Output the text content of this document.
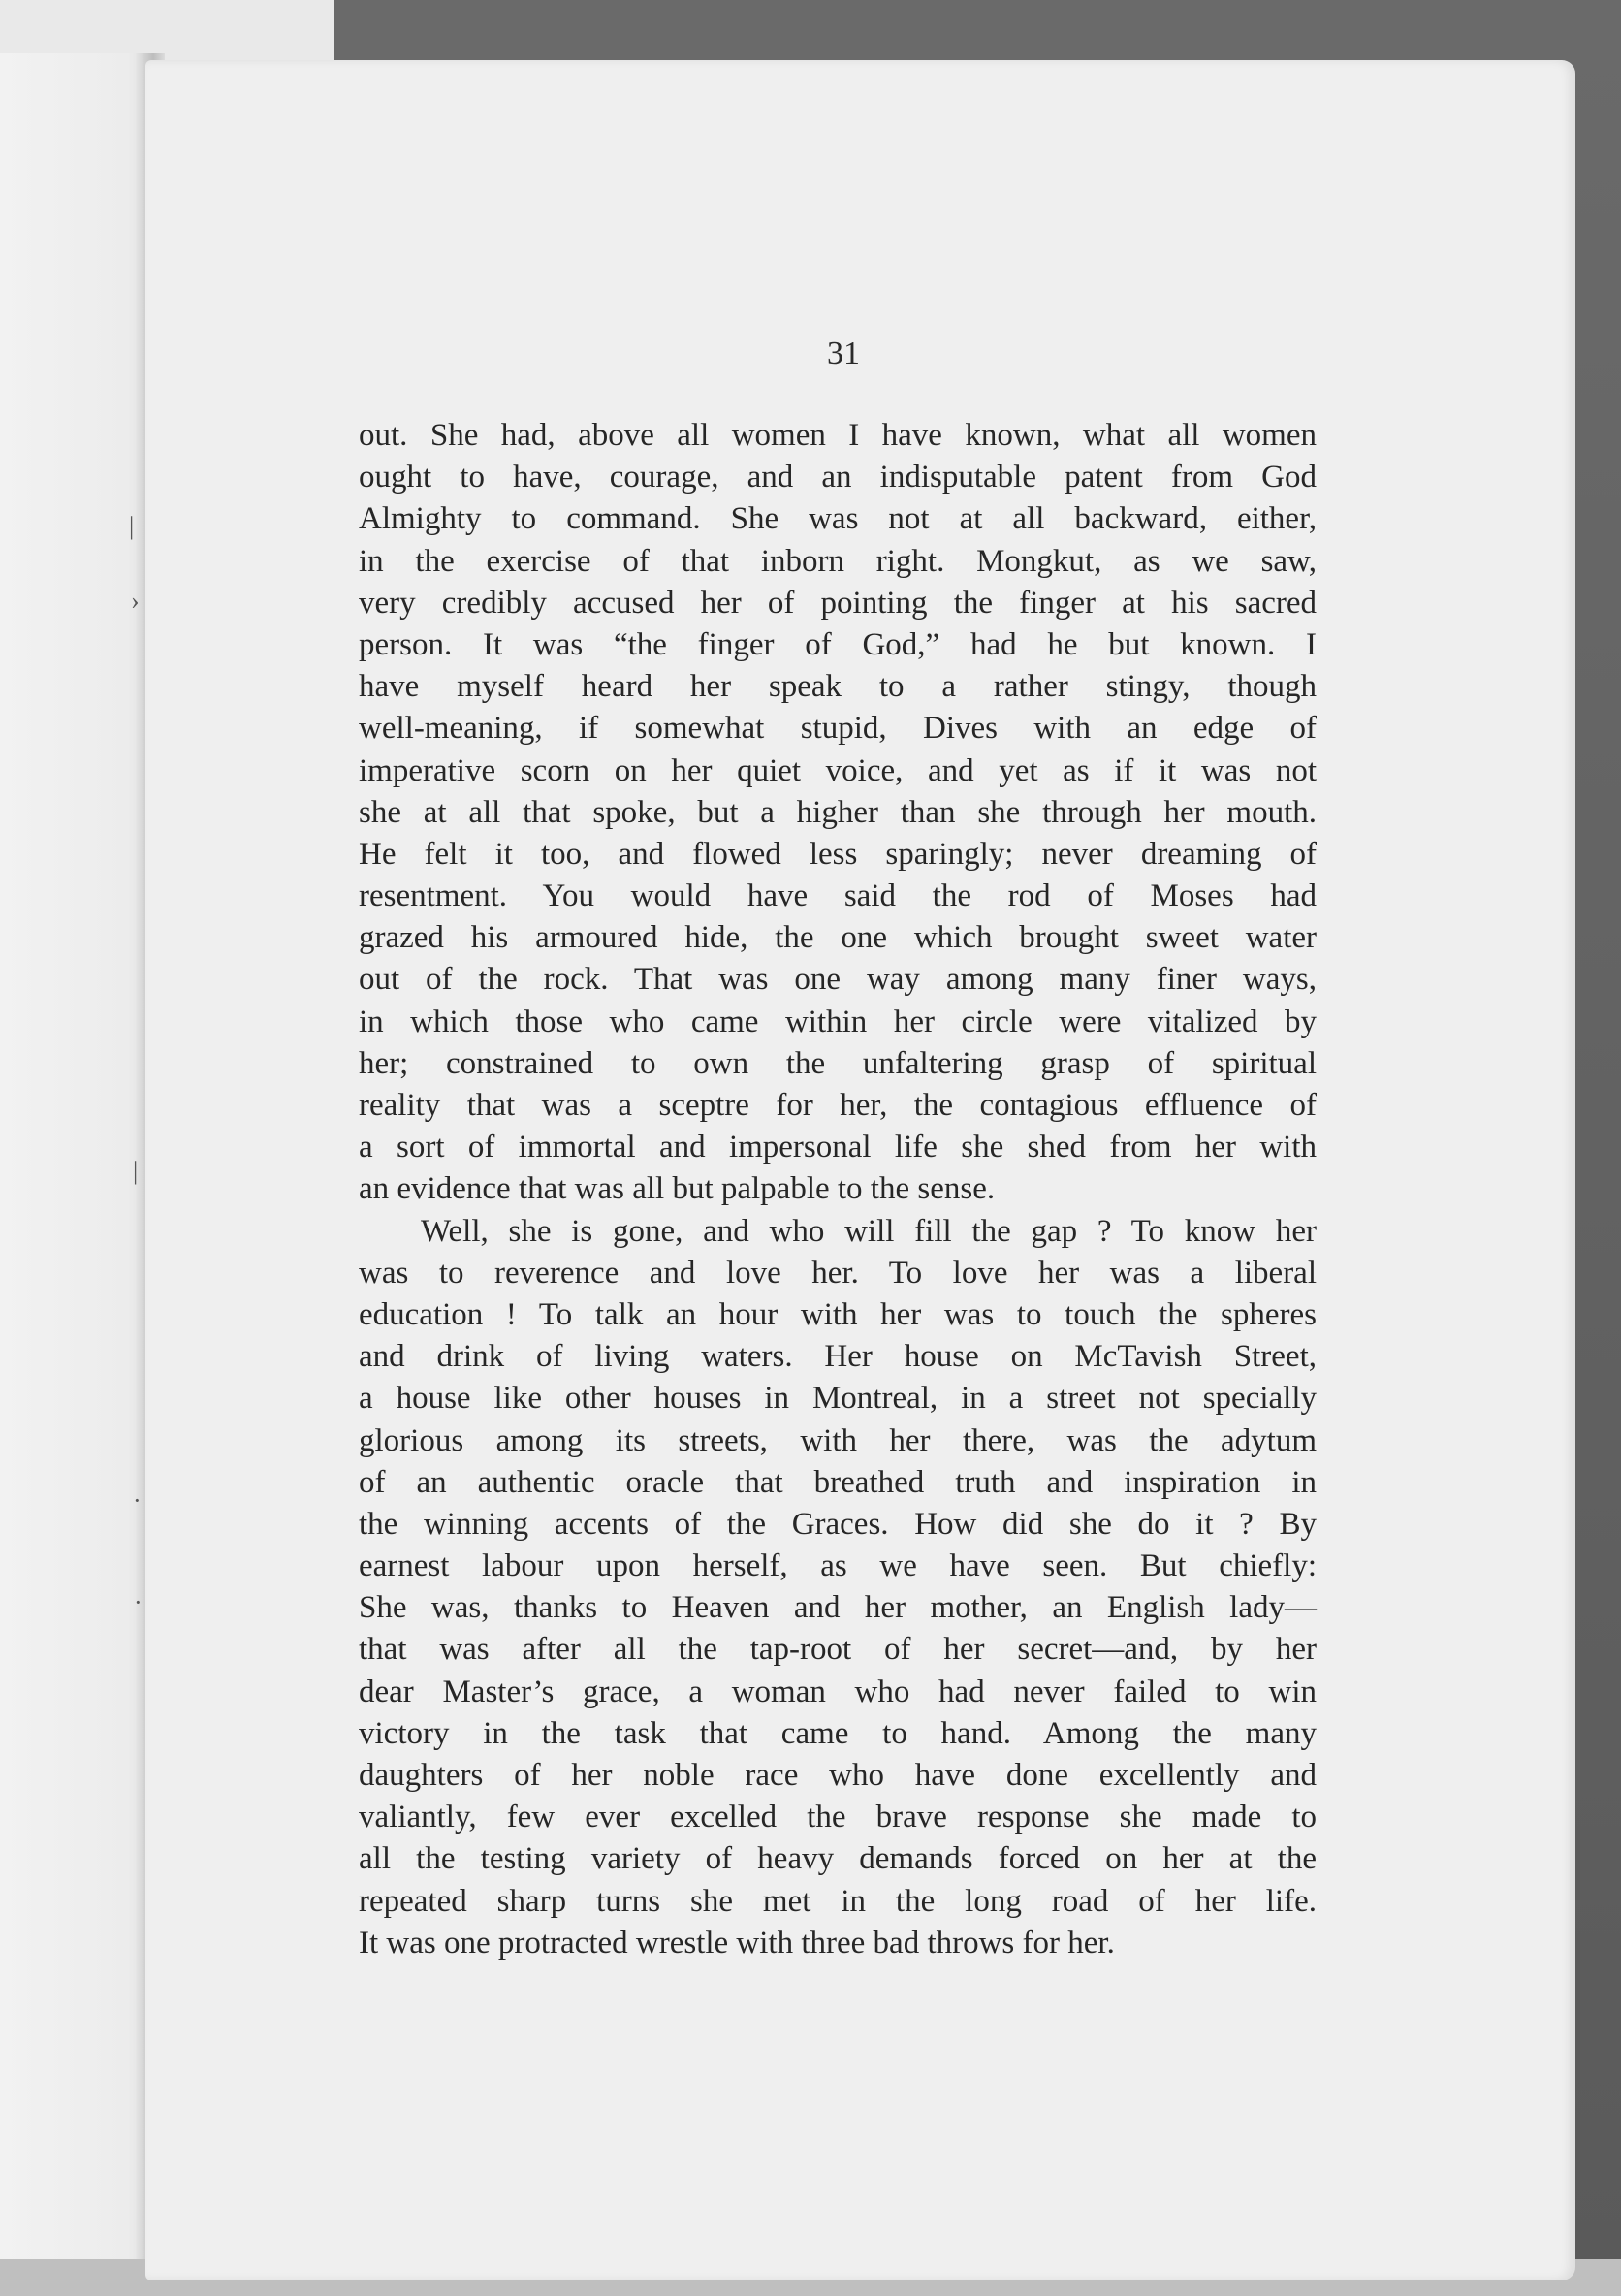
|
›
|
·
·
31
out. She had, above all women I have known, what all women
ought to have, courage, and an indisputable patent from God
Almighty to command. She was not at all backward, either,
in the exercise of that inborn right. Mongkut, as we saw,
very credibly accused her of pointing the finger at his sacred
person. It was “the finger of God,” had he but known. I
have myself heard her speak to a rather stingy, though
well-meaning, if somewhat stupid, Dives with an edge of
imperative scorn on her quiet voice, and yet as if it was not
she at all that spoke, but a higher than she through her mouth.
He felt it too, and flowed less sparingly; never dreaming of
resentment. You would have said the rod of Moses had
grazed his armoured hide, the one which brought sweet water
out of the rock. That was one way among many finer ways,
in which those who came within her circle were vitalized by
her; constrained to own the unfaltering grasp of spiritual
reality that was a sceptre for her, the contagious effluence of
a sort of immortal and impersonal life she shed from her with
an evidence that was all but palpable to the sense.
Well, she is gone, and who will fill the gap ? To know her
was to reverence and love her. To love her was a liberal
education ! To talk an hour with her was to touch the spheres
and drink of living waters. Her house on McTavish Street,
a house like other houses in Montreal, in a street not specially
glorious among its streets, with her there, was the adytum
of an authentic oracle that breathed truth and inspiration in
the winning accents of the Graces. How did she do it ? By
earnest labour upon herself, as we have seen. But chiefly:
She was, thanks to Heaven and her mother, an English lady—
that was after all the tap-root of her secret—and, by her
dear Master’s grace, a woman who had never failed to win
victory in the task that came to hand. Among the many
daughters of her noble race who have done excellently and
valiantly, few ever excelled the brave response she made to
all the testing variety of heavy demands forced on her at the
repeated sharp turns she met in the long road of her life.
It was one protracted wrestle with three bad throws for her.
